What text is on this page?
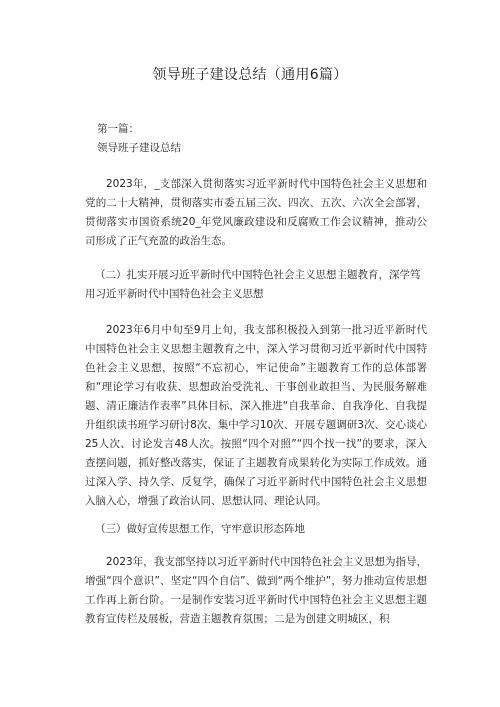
领导班子建设总结（通用6篇）
第一篇：
领导班子建设总结
2023年，_支部深入贯彻落实习近平新时代中国特色社会主义思想和党的二十大精神，贯彻落实市委五届三次、四次、五次、六次全会部署，贯彻落实市国资系统20_年党风廉政建设和反腐败工作会议精神，推动公司形成了正气充盈的政治生态。
（二）扎实开展习近平新时代中国特色社会主义思想主题教育，深学笃用习近平新时代中国特色社会主义思想
2023年6月中旬至9月上旬，我支部积极投入到第一批习近平新时代中国特色社会主义思想主题教育之中，深入学习贯彻习近平新时代中国特色社会主义思想，按照“不忘初心，牢记使命”主题教育工作的总体部署和“理论学习有收获、思想政治受洗礼、干事创业敢担当、为民服务解难题、清正廉洁作表率”具体目标，深入推进“自我革命、自我净化、自我提升组织读书班学习研讨8次、集中学习10次、开展专题调研3次、交心谈心25人次、讨论发言48人次。按照“四个对照”“四个找一找”的要求，深入查摆问题，抓好整改落实，保证了主题教育成果转化为实际工作成效。通过深入学、持久学、反复学，确保了习近平新时代中国特色社会主义思想入脑入心，增强了政治认同、思想认同、理论认同。
（三）做好宣传思想工作，守牢意识形态阵地
2023年，我支部坚持以习近平新时代中国特色社会主义思想为指导，增强“四个意识”、坚定“四个自信”、做到“两个维护”，努力推动宣传思想工作再上新台阶。一是制作安装习近平新时代中国特色社会主义思想主题教育宣传栏及展板，营造主题教育氛围；二是为创建文明城区，积
